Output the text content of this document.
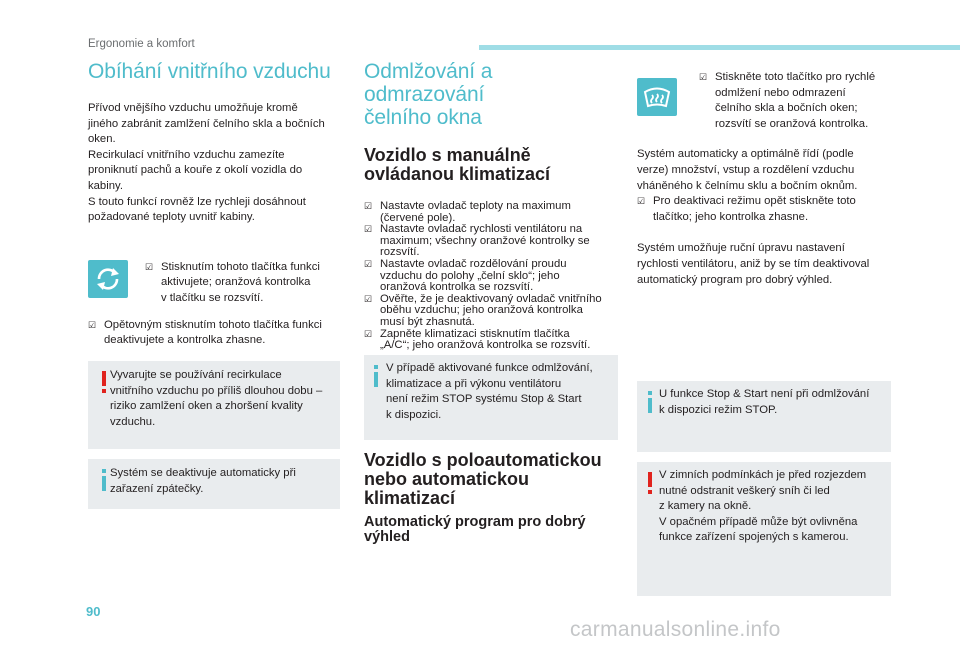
Ergonomie a komfort
Obíhání vnitřního vzduchu

Přívod vnějšího vzduchu umožňuje kromě
jiného zabránit zamlžení čelního skla a bočních
oken.
Recirkulací vnitřního vzduchu zamezíte
proniknutí pachů a kouře z okolí vozidla do
kabiny.
S touto funkcí rovněž lze rychleji dosáhnout
požadované teploty uvnitř kabiny.

☑ Stisknutím tohoto tlačítka funkci
aktivujete; oranžová kontrolka
v tlačítku se rozsvítí.
☑ Opětovným stisknutím tohoto tlačítka funkci
deaktivujete a kontrolka zhasne.
Vyvarujte se používání recirkulace
vnitřního vzduchu po příliš dlouhou dobu –
riziko zamlžení oken a zhoršení kvality
vzduchu.
Systém se deaktivuje automaticky při
zařazení zpátečky.
Odmlžování a odmrazování
čelního okna
Vozidlo s manuálně
ovládanou klimatizací
☑ Nastavte ovladač teploty na maximum
(červené pole).
☑ Nastavte ovladač rychlosti ventilátoru na
maximum; všechny oranžové kontrolky se
rozsvítí.
☑ Nastavte ovladač rozdělování proudu
vzduchu do polohy „čelní sklo“; jeho
oranžová kontrolka se rozsvítí.
☑ Ověřte, že je deaktivovaný ovladač vnitřního
oběhu vzduchu; jeho oranžová kontrolka
musí být zhasnutá.
☑ Zapněte klimatizaci stisknutím tlačítka
„A/C“; jeho oranžová kontrolka se rozsvítí.
V případě aktivované funkce odmlžování,
klimatizace a při výkonu ventilátoru
není režim STOP systému Stop & Start
k dispozici.
Vozidlo s poloautomatickou
nebo automatickou
klimatizací
Automatický program pro dobrý
výhled
☑ Stiskněte toto tlačítko pro rychlé
odmlžení nebo odmrazení
čelního skla a bočních oken;
rozsvítí se oranžová kontrolka.

Systém automaticky a optimálně řídí (podle
verze) množství, vstup a rozdělení vzduchu
vháněného k čelnímu sklu a bočním oknům.

☑ Pro deaktivaci režimu opět stiskněte toto
tlačítko; jeho kontrolka zhasne.

Systém umožňuje ruční úpravu nastavení
rychlosti ventilátoru, aniž by se tím deaktivoval
automatický program pro dobrý výhled.

U funkce Stop & Start není při odmlžování
k dispozici režim STOP.
V zimních podmínkách je před rozjezdem
nutné odstranit veškerý sníh či led
z kamery na okně.
V opačném případě může být ovlivněna
funkce zařízení spojených s kamerou.
90
carmanualsonline.info
